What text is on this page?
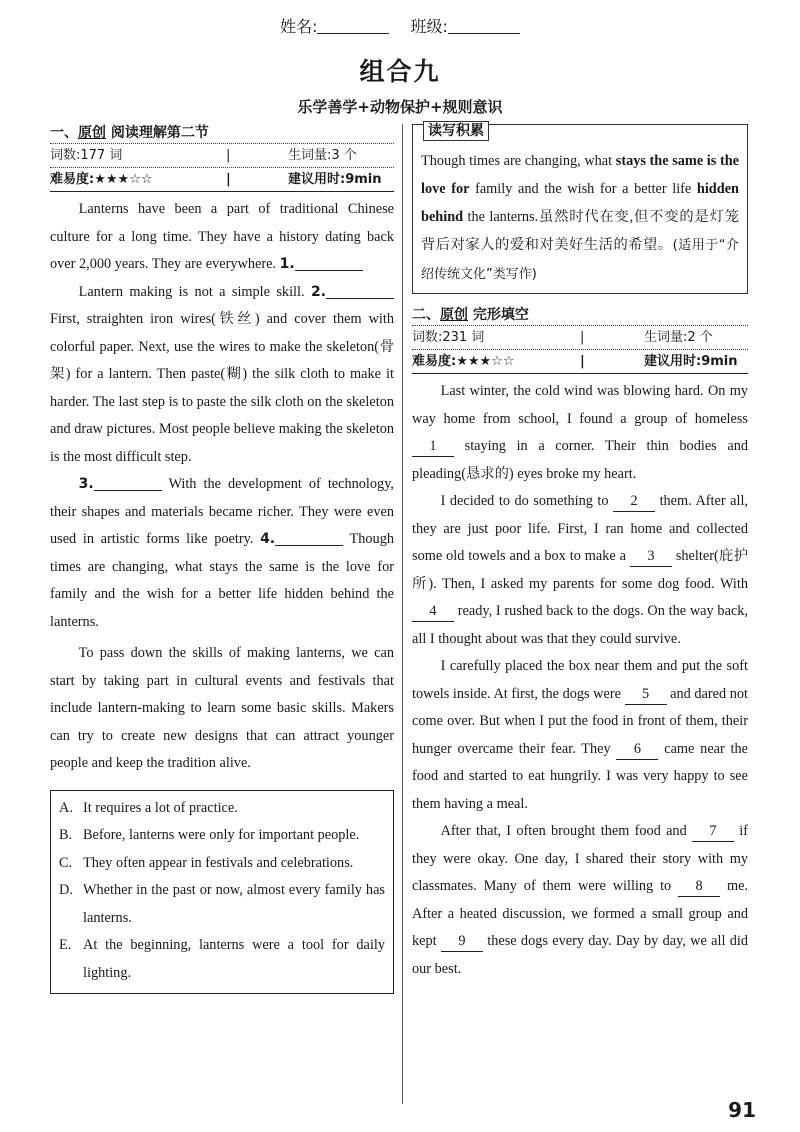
姓名:	班级:
组合九
乐学善学+动物保护+规则意识
一、原创 阅读理解第二节
词数:177 词	|	生词量:3 个
难易度:★★★☆☆	|	建议用时:9min

Lanterns have been a part of traditional Chinese culture for a long time. They have a history dating back over 2,000 years. They are everywhere. 1.

Lantern making is not a simple skill. 2. First, straighten iron wires(铁丝) and cover them with colorful paper. Next, use the wires to make the skeleton(骨架) for a lantern. Then paste(糊) the silk cloth to make it harder. The last step is to paste the silk cloth on the skeleton and draw pictures. Most people believe making the skeleton is the most difficult step.

3.	With the development of technology, their shapes and materials became richer. They were even used in artistic forms like poetry. 4.	Though times are changing, what stays the same is the love for family and the wish for a better life hidden behind the lanterns.

To pass down the skills of making lanterns, we can start by taking part in cultural events and festivals that include lantern-making to learn some basic skills. Makers can try to create new designs that can attract younger people and keep the tradition alive.

A. It requires a lot of practice.
B. Before, lanterns were only for important people.
C. They often appear in festivals and celebrations.
D. Whether in the past or now, almost every family has lanterns.
E. At the beginning, lanterns were a tool for daily lighting.
读写积累
Though times are changing, what stays the same is the love for family and the wish for a better life hidden behind the lanterns.虽然时代在变,但不变的是灯笼背后对家人的爱和对美好生活的希望。(适用于“介绍传统文化”类写作)
二、原创 完形填空
词数:231 词	|	生词量:2 个
难易度:★★★☆☆	|	建议用时:9min

Last winter, the cold wind was blowing hard. On my way home from school, I found a group of homeless 1 staying in a corner. Their thin bodies and pleading(恳求的) eyes broke my heart.

I decided to do something to 2 them. After all, they are just poor life. First, I ran home and collected some old towels and a box to make a 3 shelter(庇护所). Then, I asked my parents for some dog food. With 4 ready, I rushed back to the dogs. On the way back, all I thought about was that they could survive.

I carefully placed the box near them and put the soft towels inside. At first, the dogs were 5 and dared not come over. But when I put the food in front of them, their hunger overcame their fear. They 6 came near the food and started to eat hungrily. I was very happy to see them having a meal.

After that, I often brought them food and 7 if they were okay. One day, I shared their story with my classmates. Many of them were willing to 8 me. After a heated discussion, we formed a small group and kept 9 these dogs every day. Day by day, we all did our best.

91
